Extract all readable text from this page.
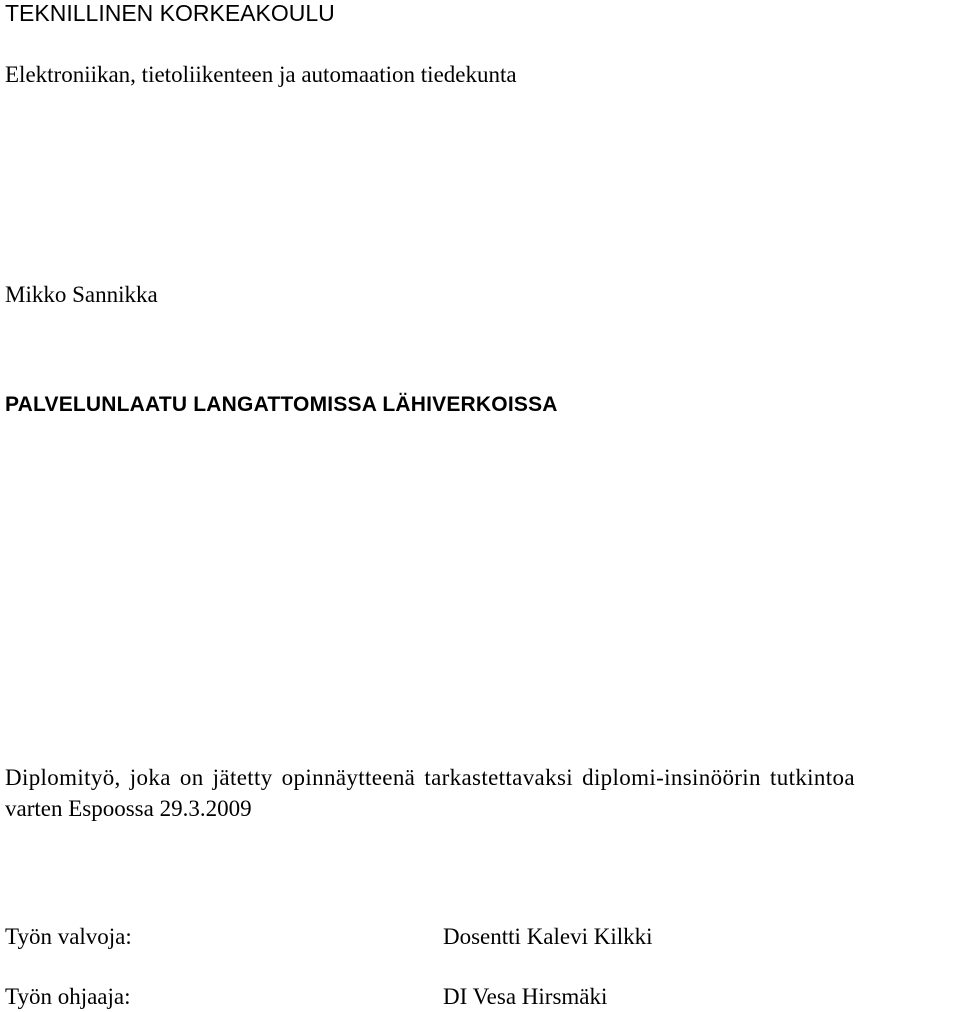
TEKNILLINEN KORKEAKOULU
Elektroniikan, tietoliikenteen ja automaation tiedekunta
Mikko Sannikka
PALVELUNLAATU LANGATTOMISSA LÄHIVERKOISSA
Diplomityö, joka on jätetty opinnäytteenä tarkastettavaksi diplomi-insinöörin tutkintoa
varten Espoossa 29.3.2009
Työn valvoja:	Dosentti Kalevi Kilkki
Työn ohjaaja:	DI Vesa Hirsmäki
